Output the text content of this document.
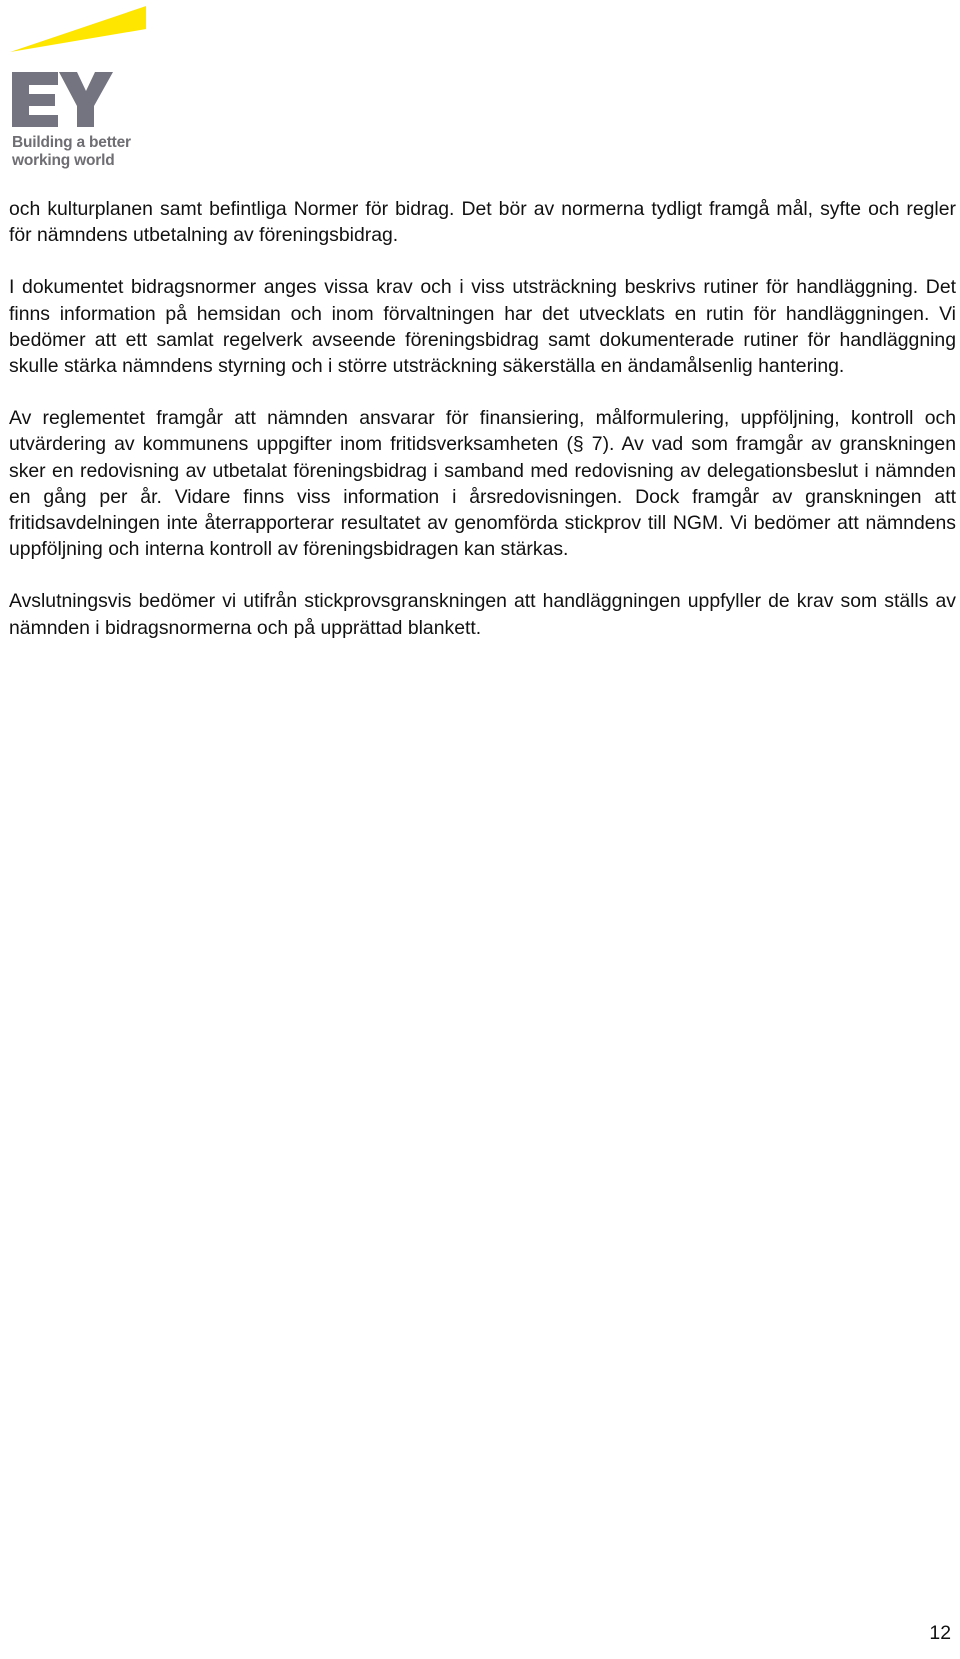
Building a better
working world

och kulturplanen samt befintliga Normer för bidrag. Det bör av normerna tydligt framgå mål, syfte och regler för nämndens utbetalning av föreningsbidrag.

I dokumentet bidragsnormer anges vissa krav och i viss utsträckning beskrivs rutiner för handläggning. Det finns information på hemsidan och inom förvaltningen har det utvecklats en rutin för handläggningen. Vi bedömer att ett samlat regelverk avseende föreningsbidrag samt dokumenterade rutiner för handläggning skulle stärka nämndens styrning och i större utsträckning säkerställa en ändamålsenlig hantering.

Av reglementet framgår att nämnden ansvarar för finansiering, målformulering, uppföljning, kontroll och utvärdering av kommunens uppgifter inom fritidsverksamheten (§ 7). Av vad som framgår av granskningen sker en redovisning av utbetalat föreningsbidrag i samband med redovisning av delegationsbeslut i nämnden en gång per år. Vidare finns viss information i årsredovisningen. Dock framgår av granskningen att fritidsavdelningen inte återrapporterar resultatet av genomförda stickprov till NGM. Vi bedömer att nämndens uppföljning och interna kontroll av föreningsbidragen kan stärkas.

Avslutningsvis bedömer vi utifrån stickprovsgranskningen att handläggningen uppfyller de krav som ställs av nämnden i bidragsnormerna och på upprättad blankett.

12
